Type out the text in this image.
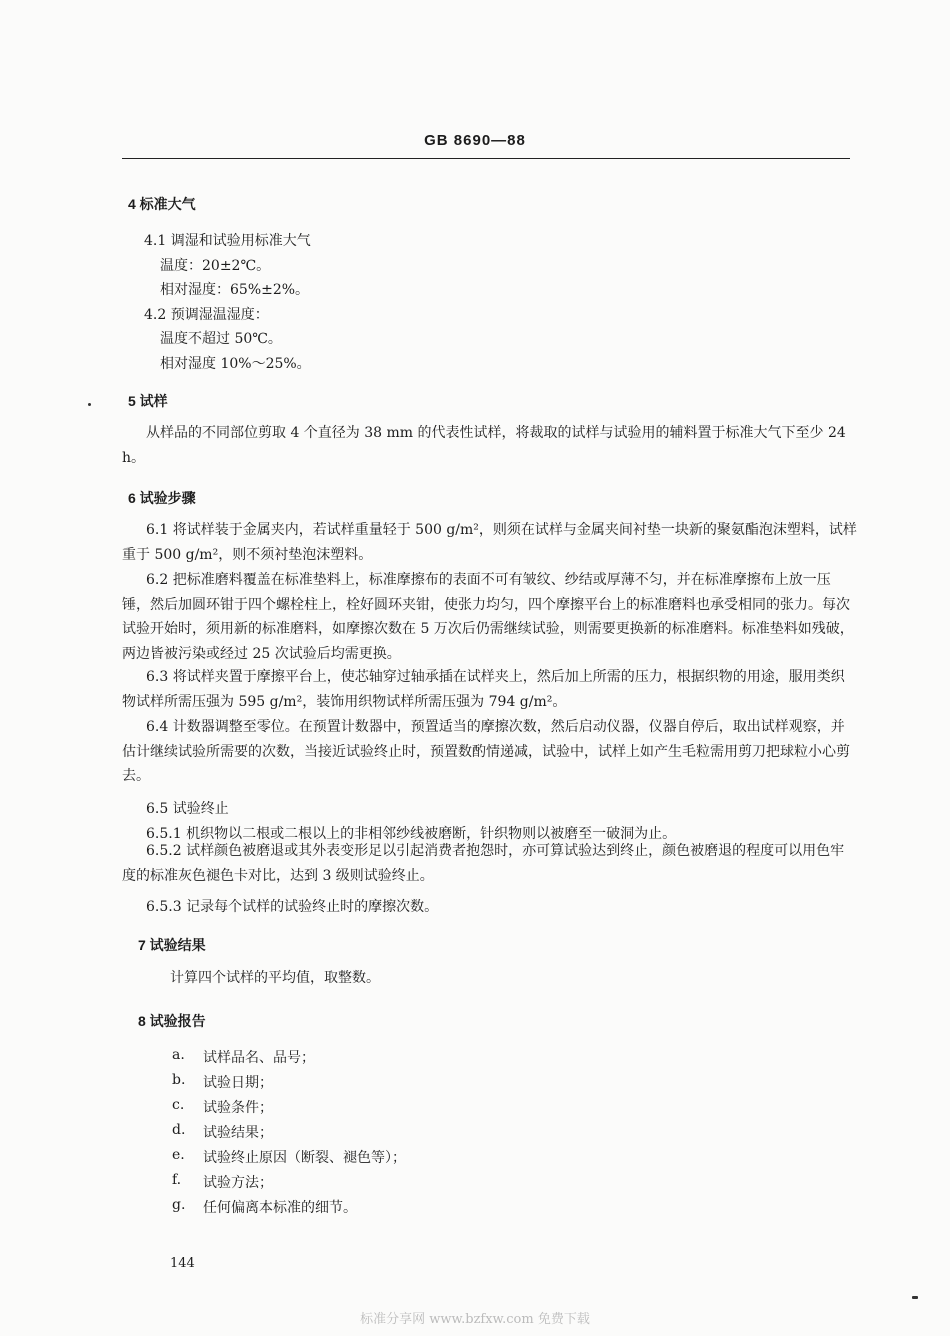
GB 8690—88
4 标准大气
4.1 调湿和试验用标准大气
温度：20±2℃。
相对湿度：65%±2%。
4.2 预调湿温湿度：
温度不超过 50℃。
相对湿度 10%～25%。
5 试样
从样品的不同部位剪取 4 个直径为 38 mm 的代表性试样，将裁取的试样与试验用的辅料置于标准大气下至少 24 h。
6 试验步骤
6.1 将试样装于金属夹内，若试样重量轻于 500 g/m²，则须在试样与金属夹间衬垫一块新的聚氨酯泡沫塑料，试样重于 500 g/m²，则不须衬垫泡沫塑料。
6.2 把标准磨料覆盖在标准垫料上，标准摩擦布的表面不可有皱纹、纱结或厚薄不匀，并在标准摩擦布上放一压锤，然后加圆环钳于四个螺栓柱上，栓好圆环夹钳，使张力均匀，四个摩擦平台上的标准磨料也承受相同的张力。每次试验开始时，须用新的标准磨料，如摩擦次数在 5 万次后仍需继续试验，则需要更换新的标准磨料。标准垫料如残破，两边皆被污染或经过 25 次试验后均需更换。
6.3 将试样夹置于摩擦平台上，使芯轴穿过轴承插在试样夹上，然后加上所需的压力，根据织物的用途，服用类织物试样所需压强为 595 g/m²，装饰用织物试样所需压强为 794 g/m²。
6.4 计数器调整至零位。在预置计数器中，预置适当的摩擦次数，然后启动仪器，仪器自停后，取出试样观察，并估计继续试验所需要的次数，当接近试验终止时，预置数酌情递减，试验中，试样上如产生毛粒需用剪刀把球粒小心剪去。
6.5 试验终止
6.5.1 机织物以二根或二根以上的非相邻纱线被磨断，针织物则以被磨至一破洞为止。
6.5.2 试样颜色被磨退或其外表变形足以引起消费者抱怨时，亦可算试验达到终止，颜色被磨退的程度可以用色牢度的标准灰色褪色卡对比，达到 3 级则试验终止。
6.5.3 记录每个试样的试验终止时的摩擦次数。
7 试验结果
计算四个试样的平均值，取整数。
8 试验报告
a. 试样品名、品号；
b. 试验日期；
c. 试验条件；
d. 试验结果；
e. 试验终止原因（断裂、褪色等）；
f. 试验方法；
g. 任何偏离本标准的细节。
144
标准分享网 www.bzfxw.com 免费下载
